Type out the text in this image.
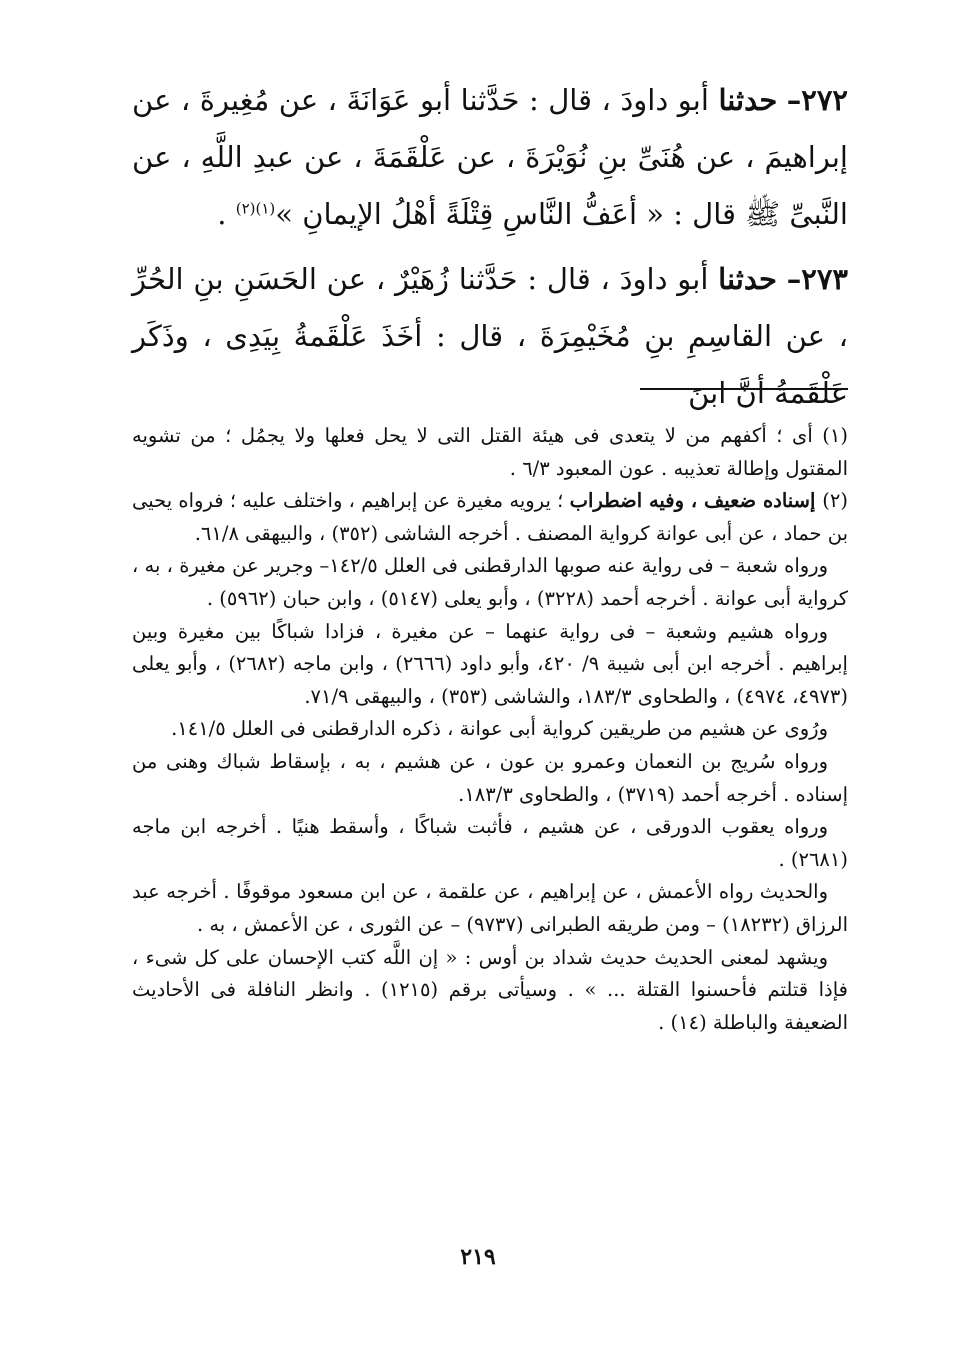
٢٧٢– حدثنا أبو داودَ ، قال : حَدَّثنا أبو عَوَانَةَ ، عن مُغِيرةَ ، عن إبراهيمَ ، عن هُنَىِّ بنِ نُوَيْرَةَ ، عن عَلْقَمَةَ ، عن عبدِ اللَّهِ ، عن النَّبىِّ ﷺ قال : « أعَفُّ النَّاسِ قِتْلَةً أهْلُ الإيمانِ »$^{(١)(٢)}$ .

٢٧٣– حدثنا أبو داودَ ، قال : حَدَّثنا زُهَيْرٌ ، عن الحَسَنِ بنِ الحُرِّ ، عن القاسِمِ بنِ مُخَيْمِرَةَ ، قال : أخَذَ عَلْقَمةُ بِيَدِى ، وذَكَر عَلْقَمةُ أنَّ ابنَ

(١) أى ؛ أكفهم من لا يتعدى فى هيئة القتل التى لا يحل فعلها ولا يجمُل ؛ من تشويه المقتول وإطالة تعذيبه . عون المعبود ٦/٣ .

(٢) إسناده ضعيف ، وفيه اضطراب ؛ يرويه مغيرة عن إبراهيم ، واختلف عليه ؛ فرواه يحيى بن حماد ، عن أبى عوانة كرواية المصنف . أخرجه الشاشى (٣٥٢) ، والبيهقى ٦١/٨.

ورواه شعبة – فى رواية عنه صوبها الدارقطنى فى العلل ١٤٢/٥– وجرير عن مغيرة ، به ، كرواية أبى عوانة . أخرجه أحمد (٣٢٢٨) ، وأبو يعلى (٥١٤٧) ، وابن حبان (٥٩٦٢) .

ورواه هشيم وشعبة – فى رواية عنهما – عن مغيرة ، فزادا شباكًا بين مغيرة وبين إبراهيم . أخرجه ابن أبى شيبة ٩/ ٤٢٠، وأبو داود (٢٦٦٦) ، وابن ماجه (٢٦٨٢) ، وأبو يعلى (٤٩٧٣، ٤٩٧٤) ، والطحاوى ١٨٣/٣، والشاشى (٣٥٣) ، والبيهقى ٧١/٩.

ورُوى عن هشيم من طريقين كرواية أبى عوانة ، ذكره الدارقطنى فى العلل ١٤١/٥.

ورواه سُريج بن النعمان وعمرو بن عون ، عن هشيم ، به ، بإسقاط شباك وهنى من إسناده . أخرجه أحمد (٣٧١٩) ، والطحاوى ١٨٣/٣.

ورواه يعقوب الدورقى ، عن هشيم ، فأثبت شباكًا ، وأسقط هنيًا . أخرجه ابن ماجه (٢٦٨١) .

والحديث رواه الأعمش ، عن إبراهيم ، عن علقمة ، عن ابن مسعود موقوفًا . أخرجه عبد الرزاق (١٨٢٣٢) – ومن طريقه الطبرانى (٩٧٣٧) – عن الثورى ، عن الأعمش ، به .

ويشهد لمعنى الحديث حديث شداد بن أوس : « إن اللَّه كتب الإحسان على كل شىء ، فإذا قتلتم فأحسنوا القتلة ... » . وسيأتى برقم (١٢١٥) . وانظر النافلة فى الأحاديث الضعيفة والباطلة (١٤) .

٢١٩
